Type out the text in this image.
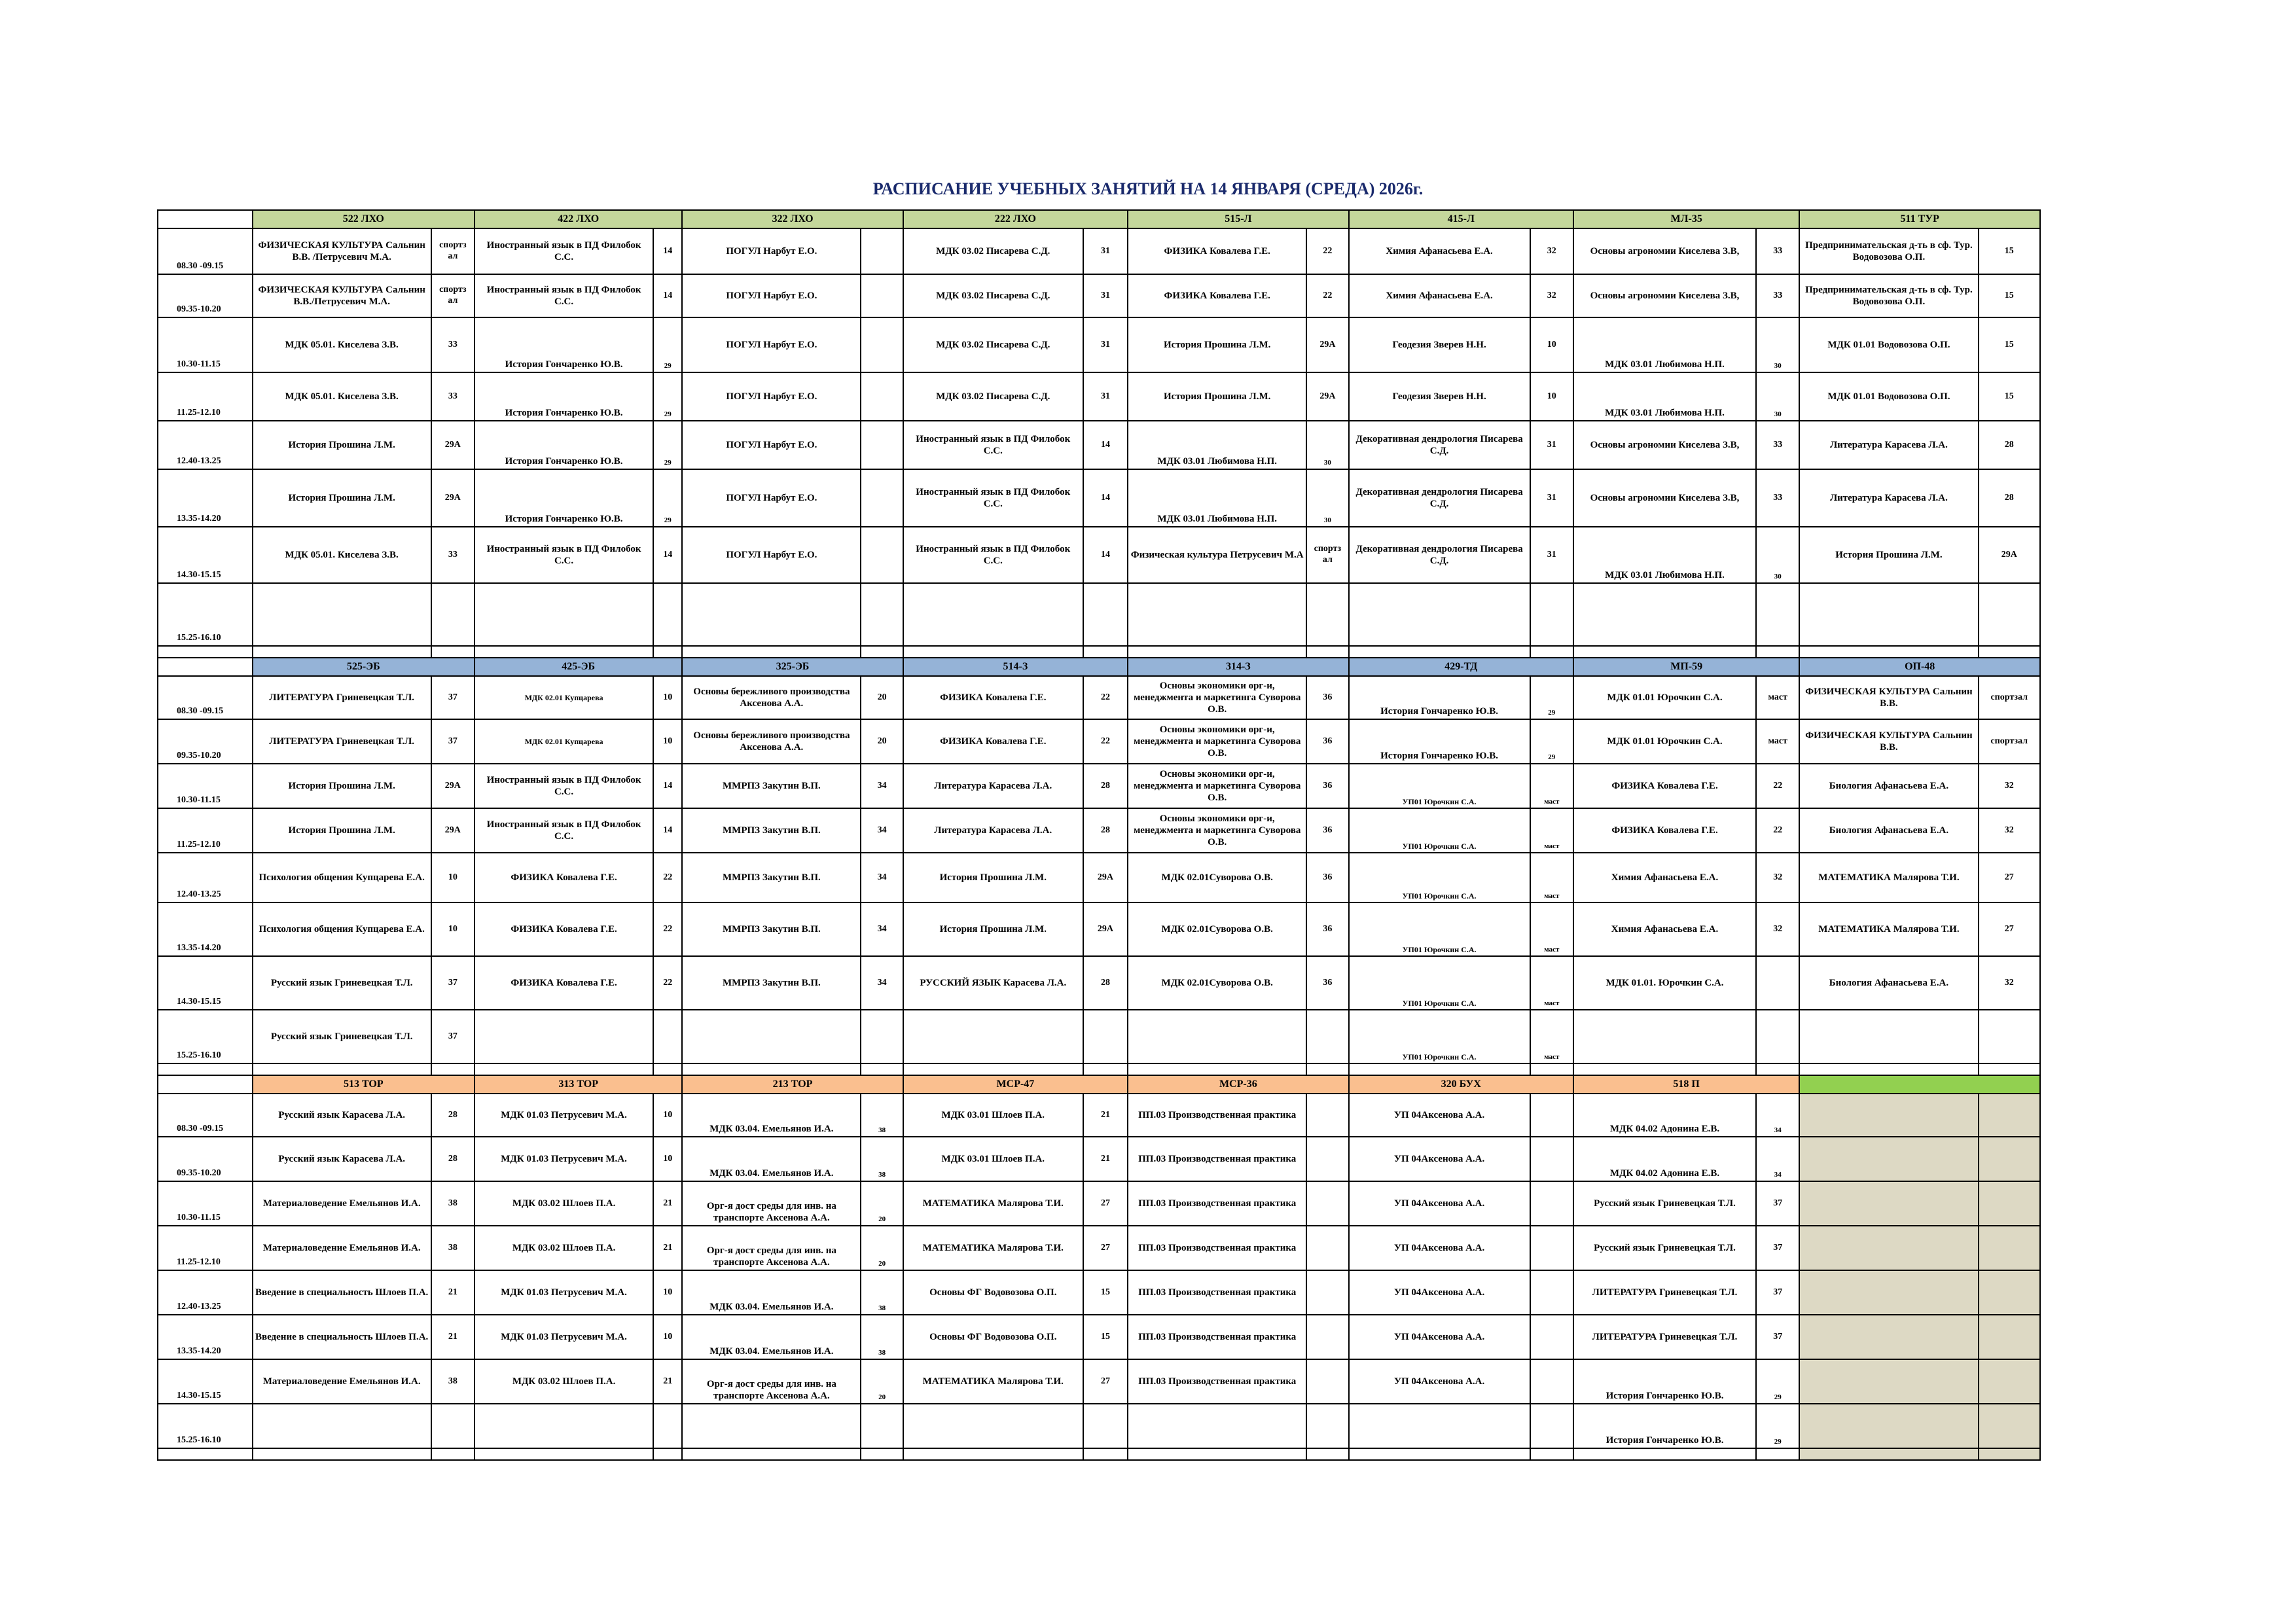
РАСПИСАНИЕ УЧЕБНЫХ ЗАНЯТИЙ НА 14 ЯНВАРЯ (СРЕДА) 2026г.
	522 ЛХО		422 ЛХО		322 ЛХО		222 ЛХО		515-Л		415-Л		МЛ-35		511 ТУР	
08.30 -09.15	ФИЗИЧЕСКАЯ КУЛЬТУРА Сальнин В.В. /Петрусевич М.А.	спортз ал	Иностранный язык в ПД Филобок С.С.	14	ПОГУЛ Нарбут Е.О.		МДК 03.02 Писарева С.Д.	31	ФИЗИКА Ковалева Г.Е.	22	Химия Афанасьева Е.А.	32	Основы агрономии Киселева З.В,	33	Предпринимательская д-ть в сф. Тур. Водовозова О.П.	15
09.35-10.20	ФИЗИЧЕСКАЯ КУЛЬТУРА Сальнин В.В./Петрусевич М.А.	спортз ал	Иностранный язык в ПД Филобок С.С.	14	ПОГУЛ Нарбут Е.О.		МДК 03.02 Писарева С.Д.	31	ФИЗИКА Ковалева Г.Е.	22	Химия Афанасьева Е.А.	32	Основы агрономии Киселева З.В,	33	Предпринимательская д-ть в сф. Тур. Водовозова О.П.	15
10.30-11.15	МДК 05.01. Киселева З.В.	33	История Гончаренко Ю.В.	29	ПОГУЛ Нарбут Е.О.		МДК 03.02 Писарева С.Д.	31	История Прошина Л.М.	29А	Геодезия Зверев Н.Н.	10	МДК 03.01 Любимова Н.П.	30	МДК 01.01 Водовозова О.П.	15
11.25-12.10	МДК 05.01. Киселева З.В.	33	История Гончаренко Ю.В.	29	ПОГУЛ Нарбут Е.О.		МДК 03.02 Писарева С.Д.	31	История Прошина Л.М.	29А	Геодезия Зверев Н.Н.	10	МДК 03.01 Любимова Н.П.	30	МДК 01.01 Водовозова О.П.	15
12.40-13.25	История Прошина Л.М.	29А	История Гончаренко Ю.В.	29	ПОГУЛ Нарбут Е.О.		Иностранный язык в ПД Филобок С.С.	14	МДК 03.01 Любимова Н.П.	30	Декоративная дендрология Писарева С.Д.	31	Основы агрономии Киселева З.В,	33	Литература Карасева Л.А.	28
13.35-14.20	История Прошина Л.М.	29А	История Гончаренко Ю.В.	29	ПОГУЛ Нарбут Е.О.		Иностранный язык в ПД Филобок С.С.	14	МДК 03.01 Любимова Н.П.	30	Декоративная дендрология Писарева С.Д.	31	Основы агрономии Киселева З.В,	33	Литература Карасева Л.А.	28
14.30-15.15	МДК 05.01. Киселева З.В.	33	Иностранный язык в ПД Филобок С.С.	14	ПОГУЛ Нарбут Е.О.		Иностранный язык в ПД Филобок С.С.	14	Физическая культура Петрусевич М.А	спортз ал	Декоративная дендрология Писарева С.Д.	31	МДК 03.01 Любимова Н.П.	30	История Прошина Л.М.	29А
15.25-16.10																

	525-ЭБ		425-ЭБ		325-ЭБ		514-З		314-З		429-ТД		МП-59		ОП-48	
08.30 -09.15	ЛИТЕРАТУРА Гриневецкая Т.Л.	37	МДК 02.01 Купцарева	10	Основы бережливого производства Аксенова А.А.	20	ФИЗИКА Ковалева Г.Е.	22	Основы экономики орг-и, менеджмента и маркетинга Суворова О.В.	36	История Гончаренко Ю.В.	29	МДК 01.01 Юрочкин С.А.	маст	ФИЗИЧЕСКАЯ КУЛЬТУРА Сальнин В.В.	спортзал
09.35-10.20	ЛИТЕРАТУРА Гриневецкая Т.Л.	37	МДК 02.01 Купцарева	10	Основы бережливого производства Аксенова А.А.	20	ФИЗИКА Ковалева Г.Е.	22	Основы экономики орг-и, менеджмента и маркетинга Суворова О.В.	36	История Гончаренко Ю.В.	29	МДК 01.01 Юрочкин С.А.	маст	ФИЗИЧЕСКАЯ КУЛЬТУРА Сальнин В.В.	спортзал
10.30-11.15	История Прошина Л.М.	29А	Иностранный язык в ПД Филобок С.С.	14	ММРПЗ Закутин В.П.	34	Литература Карасева Л.А.	28	Основы экономики орг-и, менеджмента и маркетинга Суворова О.В.	36	УП01 Юрочкин С.А.	маст	ФИЗИКА Ковалева Г.Е.	22	Биология Афанасьева Е.А.	32
11.25-12.10	История Прошина Л.М.	29А	Иностранный язык в ПД Филобок С.С.	14	ММРПЗ Закутин В.П.	34	Литература Карасева Л.А.	28	Основы экономики орг-и, менеджмента и маркетинга Суворова О.В.	36	УП01 Юрочкин С.А.	маст	ФИЗИКА Ковалева Г.Е.	22	Биология Афанасьева Е.А.	32
12.40-13.25	Психология общения Купцарева Е.А.	10	ФИЗИКА Ковалева Г.Е.	22	ММРПЗ Закутин В.П.	34	История Прошина Л.М.	29А	МДК 02.01Суворова О.В.	36	УП01 Юрочкин С.А.	маст	Химия Афанасьева Е.А.	32	МАТЕМАТИКА Малярова Т.И.	27
13.35-14.20	Психология общения Купцарева Е.А.	10	ФИЗИКА Ковалева Г.Е.	22	ММРПЗ Закутин В.П.	34	История Прошина Л.М.	29А	МДК 02.01Суворова О.В.	36	УП01 Юрочкин С.А.	маст	Химия Афанасьева Е.А.	32	МАТЕМАТИКА Малярова Т.И.	27
14.30-15.15	Русский язык Гриневецкая Т.Л.	37	ФИЗИКА Ковалева Г.Е.	22	ММРПЗ Закутин В.П.	34	РУССКИЙ ЯЗЫК Карасева Л.А.	28	МДК 02.01Суворова О.В.	36	УП01 Юрочкин С.А.	маст	МДК 01.01. Юрочкин С.А.		Биология Афанасьева Е.А.	32
15.25-16.10	Русский язык Гриневецкая Т.Л.	37									УП01 Юрочкин С.А.	маст				

	513 ТОР		313 ТОР		213 ТОР		МСР-47		МСР-36		320 БУХ		518 П			
08.30 -09.15	Русский язык Карасева Л.А.	28	МДК 01.03 Петрусевич М.А.	10	МДК 03.04. Емельянов И.А.	38	МДК 03.01 Шлоев П.А.	21	ПП.03 Производственная практика		УП 04Аксенова А.А.		МДК 04.02 Адонина Е.В.	34		
09.35-10.20	Русский язык Карасева Л.А.	28	МДК 01.03 Петрусевич М.А.	10	МДК 03.04. Емельянов И.А.	38	МДК 03.01 Шлоев П.А.	21	ПП.03 Производственная практика		УП 04Аксенова А.А.		МДК 04.02 Адонина Е.В.	34		
10.30-11.15	Материаловедение Емельянов И.А.	38	МДК 03.02 Шлоев П.А.	21	Орг-я дост среды для инв. на транспорте Аксенова А.А.	20	МАТЕМАТИКА Малярова Т.И.	27	ПП.03 Производственная практика		УП 04Аксенова А.А.		Русский язык Гриневецкая Т.Л.	37		
11.25-12.10	Материаловедение Емельянов И.А.	38	МДК 03.02 Шлоев П.А.	21	Орг-я дост среды для инв. на транспорте Аксенова А.А.	20	МАТЕМАТИКА Малярова Т.И.	27	ПП.03 Производственная практика		УП 04Аксенова А.А.		Русский язык Гриневецкая Т.Л.	37		
12.40-13.25	Введение в специальность Шлоев П.А.	21	МДК 01.03 Петрусевич М.А.	10	МДК 03.04. Емельянов И.А.	38	Основы ФГ Водовозова О.П.	15	ПП.03 Производственная практика		УП 04Аксенова А.А.		ЛИТЕРАТУРА Гриневецкая Т.Л.	37		
13.35-14.20	Введение в специальность Шлоев П.А.	21	МДК 01.03 Петрусевич М.А.	10	МДК 03.04. Емельянов И.А.	38	Основы ФГ Водовозова О.П.	15	ПП.03 Производственная практика		УП 04Аксенова А.А.		ЛИТЕРАТУРА Гриневецкая Т.Л.	37		
14.30-15.15	Материаловедение Емельянов И.А.	38	МДК 03.02 Шлоев П.А.	21	Орг-я дост среды для инв. на транспорте Аксенова А.А.	20	МАТЕМАТИКА Малярова Т.И.	27	ПП.03 Производственная практика		УП 04Аксенова А.А.		История Гончаренко Ю.В.	29		
15.25-16.10													История Гончаренко Ю.В.	29		
